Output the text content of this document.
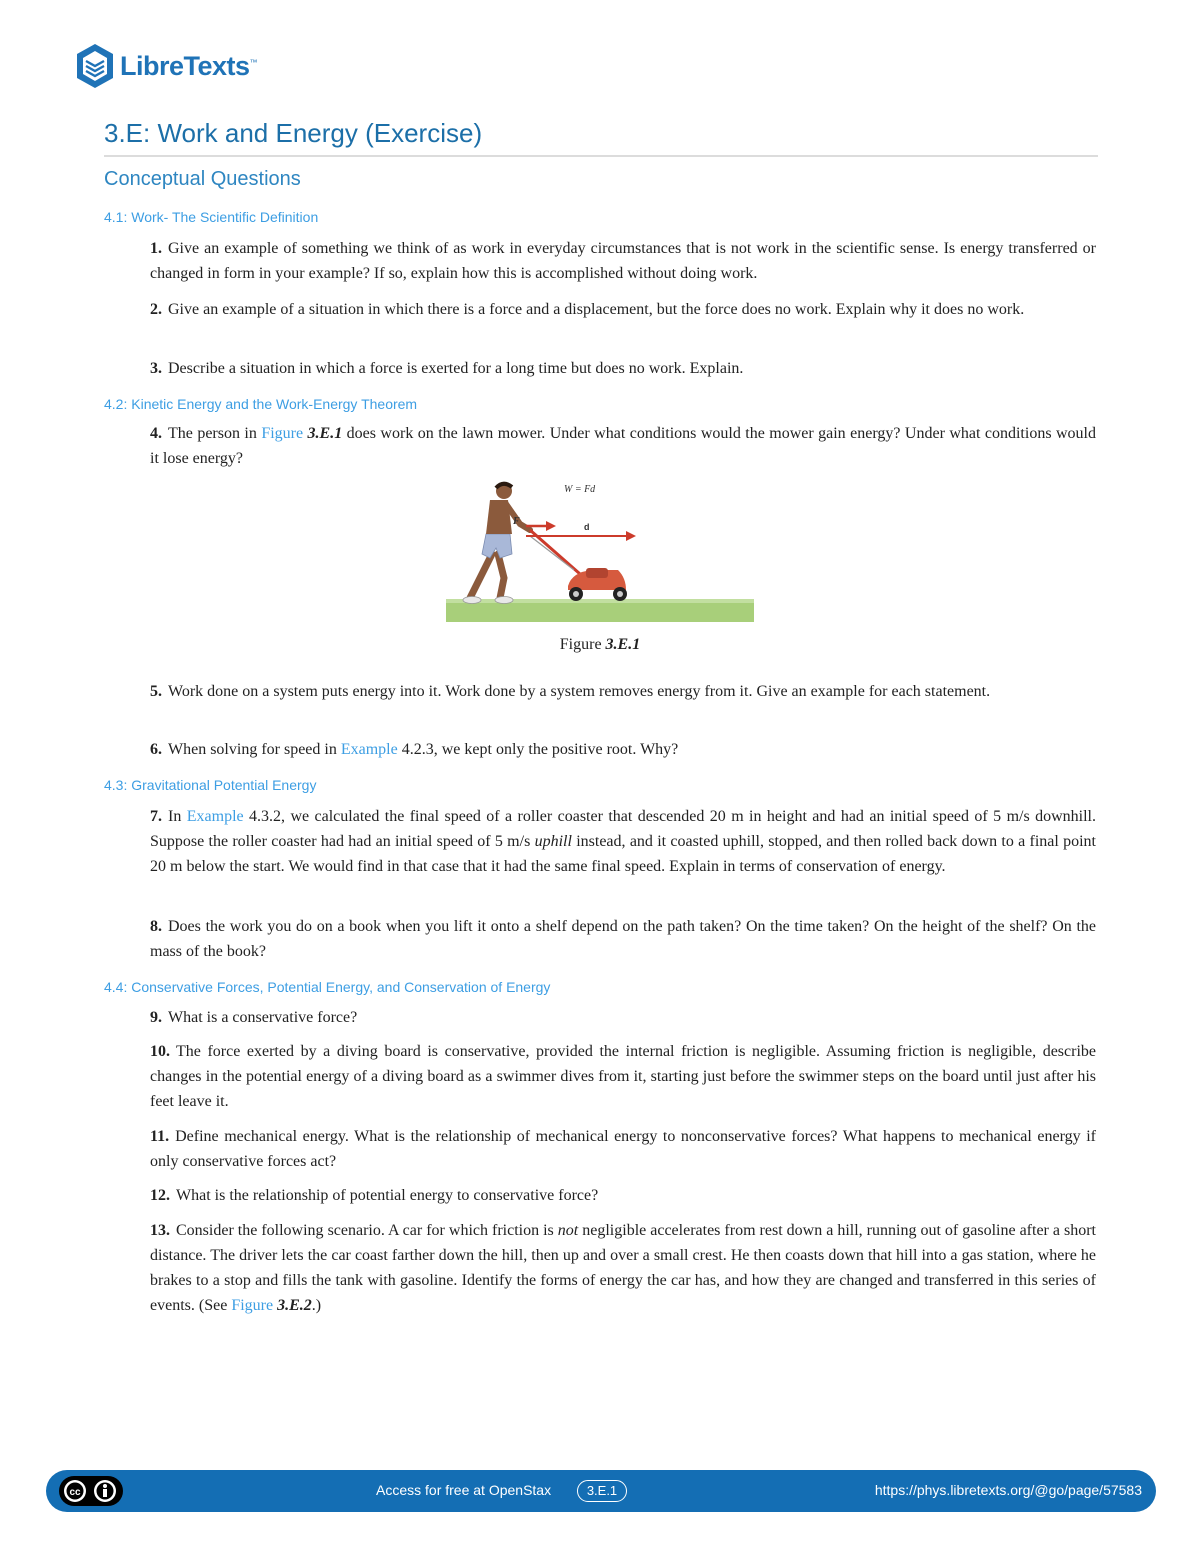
LibreTexts™
3.E: Work and Energy (Exercise)
Conceptual Questions
4.1: Work- The Scientific Definition

1. Give an example of something we think of as work in everyday circumstances that is not work in the scientific sense. Is energy transferred or changed in form in your example? If so, explain how this is accomplished without doing work.

2. Give an example of a situation in which there is a force and a displacement, but the force does no work. Explain why it does no work.

3. Describe a situation in which a force is exerted for a long time but does no work. Explain.

4.2: Kinetic Energy and the Work-Energy Theorem

4. The person in Figure 3.E.1 does work on the lawn mower. Under what conditions would the mower gain energy? Under what conditions would it lose energy?

W = Fd
F	d

Figure 3.E.1

5. Work done on a system puts energy into it. Work done by a system removes energy from it. Give an example for each statement.

6. When solving for speed in Example 4.2.3, we kept only the positive root. Why?

4.3: Gravitational Potential Energy

7. In Example 4.3.2, we calculated the final speed of a roller coaster that descended 20 m in height and had an initial speed of 5 m/s downhill. Suppose the roller coaster had had an initial speed of 5 m/s uphill instead, and it coasted uphill, stopped, and then rolled back down to a final point 20 m below the start. We would find in that case that it had the same final speed. Explain in terms of conservation of energy.

8. Does the work you do on a book when you lift it onto a shelf depend on the path taken? On the time taken? On the height of the shelf? On the mass of the book?

4.4: Conservative Forces, Potential Energy, and Conservation of Energy

9. What is a conservative force?

10. The force exerted by a diving board is conservative, provided the internal friction is negligible. Assuming friction is negligible, describe changes in the potential energy of a diving board as a swimmer dives from it, starting just before the swimmer steps on the board until just after his feet leave it.

11. Define mechanical energy. What is the relationship of mechanical energy to nonconservative forces? What happens to mechanical energy if only conservative forces act?

12. What is the relationship of potential energy to conservative force?

13. Consider the following scenario. A car for which friction is not negligible accelerates from rest down a hill, running out of gasoline after a short distance. The driver lets the car coast farther down the hill, then up and over a small crest. He then coasts down that hill into a gas station, where he brakes to a stop and fills the tank with gasoline. Identify the forms of energy the car has, and how they are changed and transferred in this series of events. (See Figure 3.E.2.)

cc	Access for free at OpenStax	3.E.1	https://phys.libretexts.org/@go/page/57583
